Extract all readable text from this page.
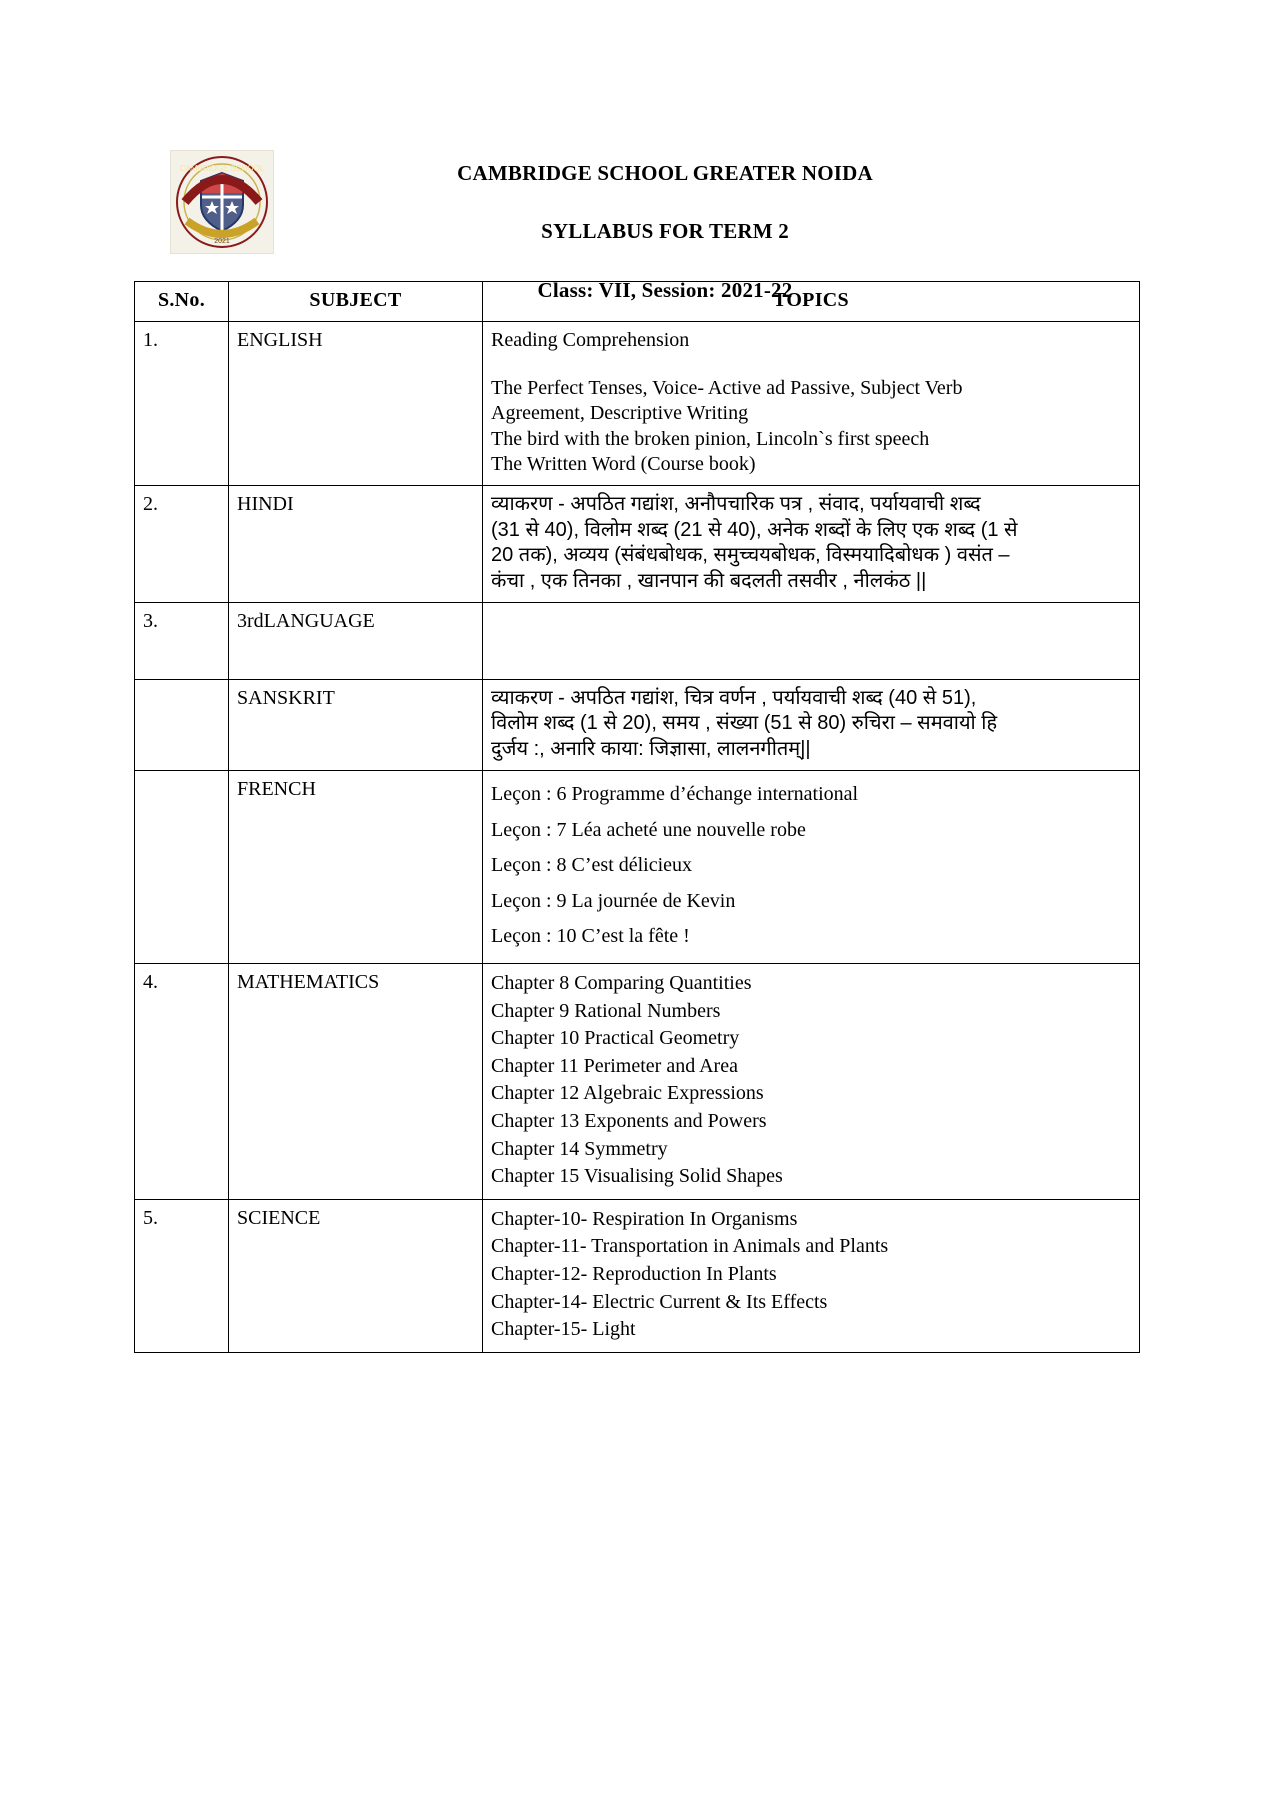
CAMBRIDGE SCHOOL
2021
CAMBRIDGE SCHOOL GREATER NOIDA
SYLLABUS FOR TERM 2
Class: VII, Session: 2021-22
S.No.	SUBJECT	TOPICS
1.	ENGLISH	Reading Comprehension
The Perfect Tenses, Voice- Active ad Passive, Subject Verb
Agreement, Descriptive Writing
The bird with the broken pinion, Lincoln`s first speech
The Written Word (Course book)

2.	HINDI	व्याकरण - अपठित गद्यांश, अनौपचारिक पत्र , संवाद, पर्यायवाची शब्द
(31 से 40), विलोम शब्द (21 से 40), अनेक शब्दों के लिए एक शब्द (1 से
20 तक), अव्यय (संबंधबोधक, समुच्चयबोधक, विस्मयादिबोधक ) वसंत –
कंचा , एक तिनका , खानपान की बदलती तसवीर , नीलकंठ ||

3.	3rdLANGUAGE	
	SANSKRIT	व्याकरण - अपठित गद्यांश, चित्र वर्णन , पर्यायवाची शब्द (40 से 51),
विलोम शब्द (1 से 20), समय , संख्या (51 से 80) रुचिरा – समवायो हि
दुर्जय :, अनारि काया: जिज्ञासा, लालनगीतम्||

	FRENCH	Leçon : 6 Programme d’échange international
Leçon : 7 Léa acheté une nouvelle robe
Leçon : 8 C’est délicieux
Leçon : 9 La journée de Kevin
Leçon : 10 C’est la fête !

4.	MATHEMATICS	Chapter 8 Comparing Quantities
Chapter 9 Rational Numbers
Chapter 10 Practical Geometry
Chapter 11 Perimeter and Area
Chapter 12 Algebraic Expressions
Chapter 13 Exponents and Powers
Chapter 14 Symmetry
Chapter 15 Visualising Solid Shapes

5.	SCIENCE	Chapter-10- Respiration In Organisms
Chapter-11- Transportation in Animals and Plants
Chapter-12- Reproduction In Plants
Chapter-14- Electric Current & Its Effects
Chapter-15- Light
